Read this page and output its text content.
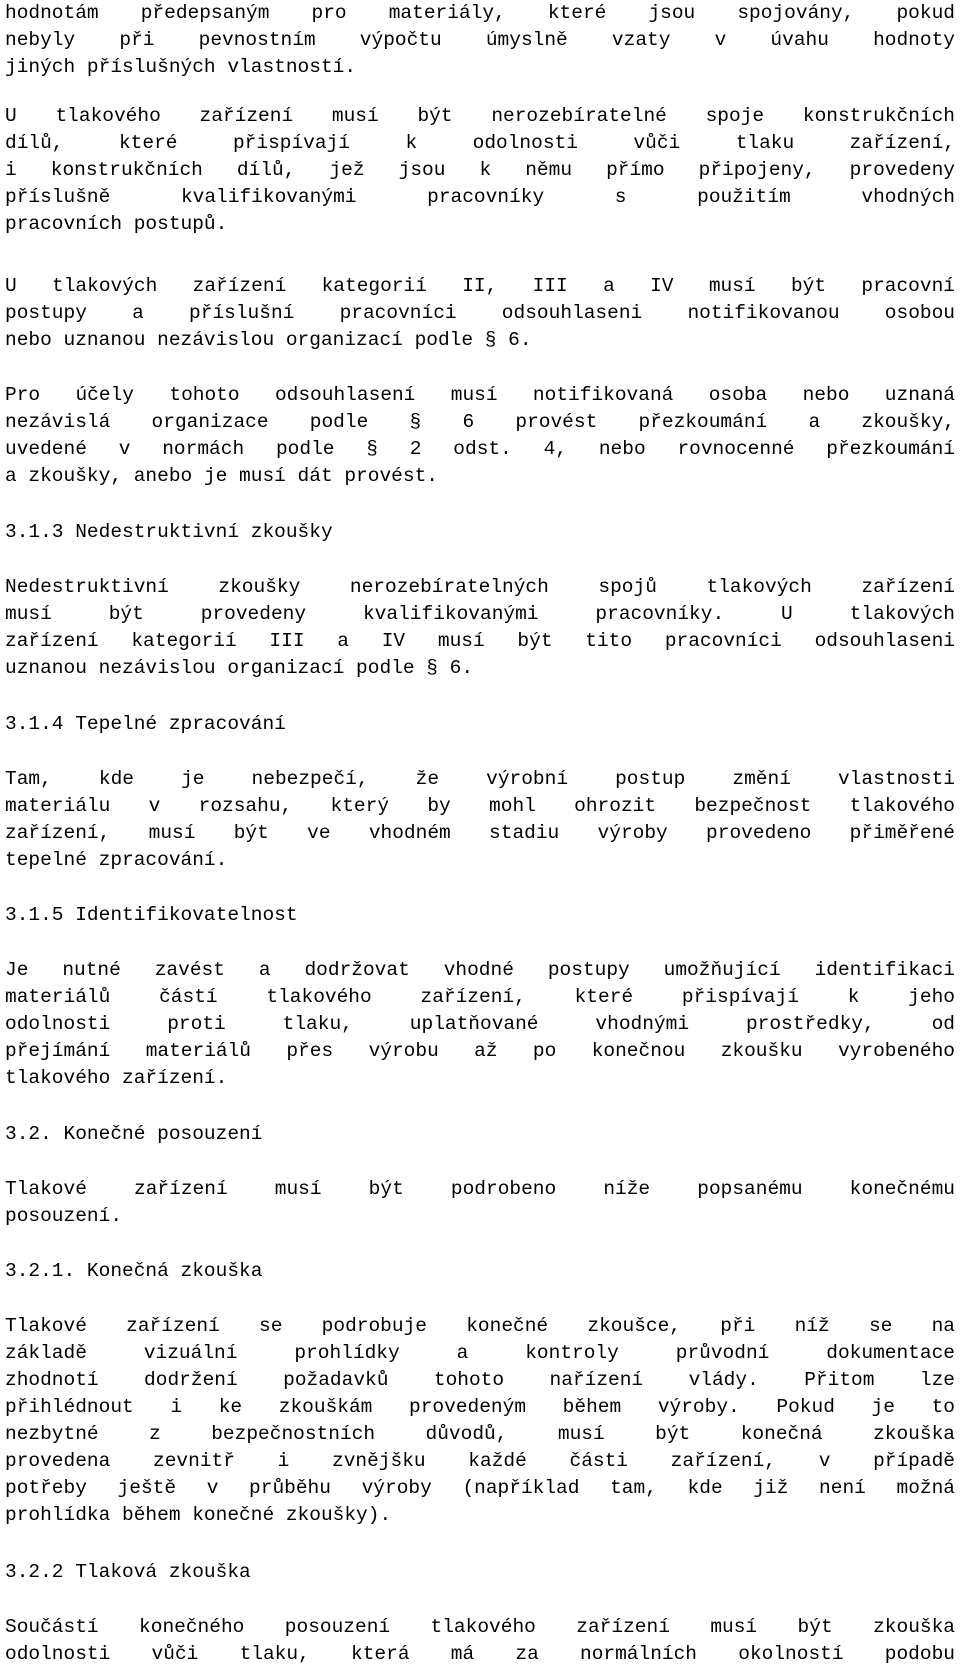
hodnotám předepsaným pro materiály, které jsou spojovány, pokud
nebyly při pevnostním výpočtu úmyslně vzaty v úvahu hodnoty
jiných příslušných vlastností.
U tlakového zařízení musí být nerozebíratelné spoje konstrukčních
dílů, které přispívají k odolnosti vůči tlaku zařízení,
i konstrukčních dílů, jež jsou k němu přímo připojeny, provedeny
příslušně kvalifikovanými pracovníky s použitím vhodných
pracovních postupů.
U tlakových zařízení kategorií II, III a IV musí být pracovní
postupy a příslušní pracovníci odsouhlaseni notifikovanou osobou
nebo uznanou nezávislou organizací podle § 6.
Pro účely tohoto odsouhlasení musí notifikovaná osoba nebo uznaná
nezávislá organizace podle § 6 provést přezkoumání a zkoušky,
uvedené v normách podle § 2 odst. 4, nebo rovnocenné přezkoumání
a zkoušky, anebo je musí dát provést.
3.1.3 Nedestruktivní zkoušky
Nedestruktivní zkoušky nerozebíratelných spojů tlakových zařízení
musí být provedeny kvalifikovanými pracovníky. U tlakových
zařízení kategorií III a IV musí být tito pracovníci odsouhlaseni
uznanou nezávislou organizací podle § 6.
3.1.4 Tepelné zpracování
Tam, kde je nebezpečí, že výrobní postup změní vlastnosti
materiálu v rozsahu, který by mohl ohrozit bezpečnost tlakového
zařízení, musí být ve vhodném stadiu výroby provedeno přiměřené
tepelné zpracování.
3.1.5 Identifikovatelnost
Je nutné zavést a dodržovat vhodné postupy umožňující identifikaci
materiálů částí tlakového zařízení, které přispívají k jeho
odolnosti proti tlaku, uplatňované vhodnými prostředky, od
přejímání materiálů přes výrobu až po konečnou zkoušku vyrobeného
tlakového zařízení.
3.2. Konečné posouzení
Tlakové zařízení musí být podrobeno níže popsanému konečnému
posouzení.
3.2.1. Konečná zkouška
Tlakové zařízení se podrobuje konečné zkoušce, při níž se na
základě vizuální prohlídky a kontroly průvodní dokumentace
zhodnotí dodržení požadavků tohoto nařízení vlády. Přitom lze
přihlédnout i ke zkouškám provedeným během výroby. Pokud je to
nezbytné z bezpečnostních důvodů, musí být konečná zkouška
provedena zevnitř i zvnějšku každé části zařízení, v případě
potřeby ještě v průběhu výroby (například tam, kde již není možná
prohlídka během konečné zkoušky).
3.2.2 Tlaková zkouška
Součástí konečného posouzení tlakového zařízení musí být zkouška
odolnosti vůči tlaku, která má za normálních okolností podobu
